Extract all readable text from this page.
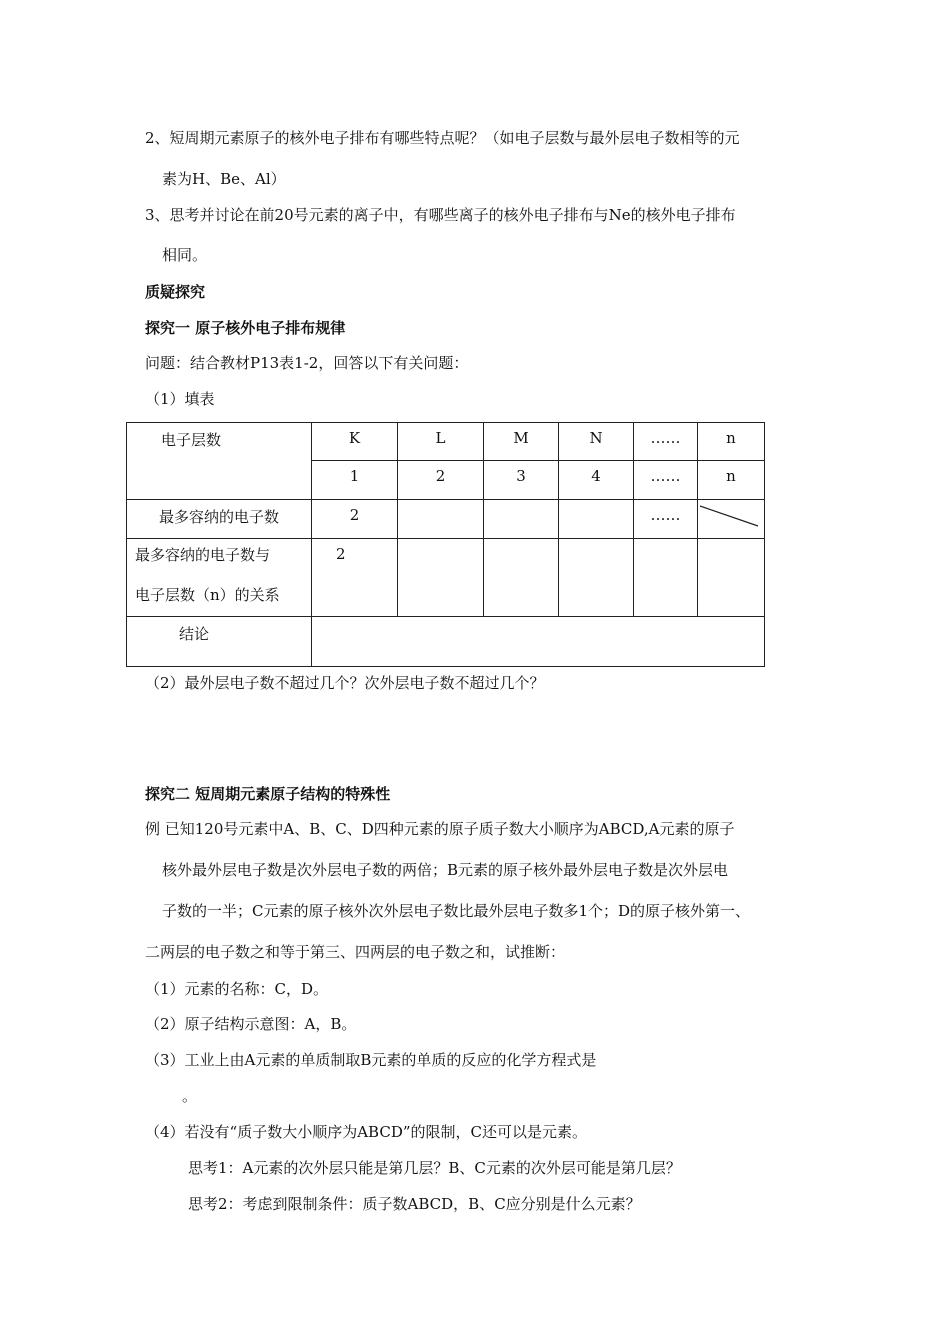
2、短周期元素原子的核外电子排布有哪些特点呢？（如电子层数与最外层电子数相等的元
素为H、Be、Al）
3、思考并讨论在前20号元素的离子中，有哪些离子的核外电子排布与Ne的核外电子排布
相同。
质疑探究
探究一 原子核外电子排布规律
问题：结合教材P13表1-2，回答以下有关问题：
（1）填表
电子层数	K	L	M	N	……	n
	1	2	3	4	……	n
最多容纳的电子数	2				……	

最多容纳的电子数与
电子层数（n）的关系	2					
结论						
（2）最外层电子数不超过几个？次外层电子数不超过几个？
探究二 短周期元素原子结构的特殊性
例 已知120号元素中A、B、C、D四种元素的原子质子数大小顺序为ABCD,A元素的原子
核外最外层电子数是次外层电子数的两倍；B元素的原子核外最外层电子数是次外层电
子数的一半；C元素的原子核外次外层电子数比最外层电子数多1个；D的原子核外第一、
二两层的电子数之和等于第三、四两层的电子数之和，试推断：
（1）元素的名称：C，D。
（2）原子结构示意图：A，B。
（3）工业上由A元素的单质制取B元素的单质的反应的化学方程式是
。
（4）若没有“质子数大小顺序为ABCD”的限制，C还可以是元素。
思考1：A元素的次外层只能是第几层？B、C元素的次外层可能是第几层？
思考2：考虑到限制条件：质子数ABCD，B、C应分别是什么元素？
